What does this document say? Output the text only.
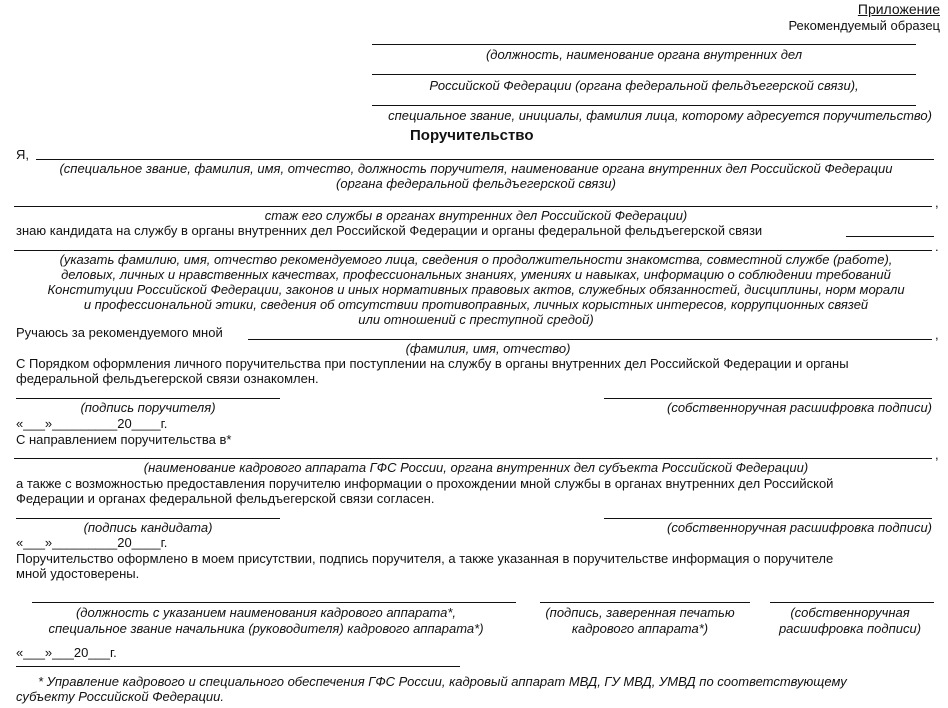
Приложение
Рекомендуемый образец
(должность, наименование органа внутренних дел
Российской Федерации (органа федеральной фельдъегерской связи),
специальное звание, инициалы, фамилия лица, которому адресуется поручительство)
Поручительство
Я,
(специальное звание, фамилия, имя, отчество, должность поручителя, наименование органа внутренних дел Российской Федерации
(органа федеральной фельдъегерской связи)
,
стаж его службы в органах внутренних дел Российской Федерации)
знаю кандидата на службу в органы внутренних дел Российской Федерации и органы федеральной фельдъегерской связи
.
(указать фамилию, имя, отчество рекомендуемого лица, сведения о продолжительности знакомства, совместной службе (работе),
деловых, личных и нравственных качествах, профессиональных знаниях, умениях и навыках, информацию о соблюдении требований
Конституции Российской Федерации, законов и иных нормативных правовых актов, служебных обязанностей, дисциплины, норм морали
и профессиональной этики, сведения об отсутствии противоправных, личных корыстных интересов, коррупционных связей
или отношений с преступной средой)
Ручаюсь за рекомендуемого мной	,
(фамилия, имя, отчество)
С Порядком оформления личного поручительства при поступлении на службу в органы внутренних дел Российской Федерации и органы
федеральной фельдъегерской связи ознакомлен.
(подпись поручителя)	(собственноручная расшифровка подписи)
«___»_________20____г.
С направлением поручительства в*
,
(наименование кадрового аппарата ГФС России, органа внутренних дел субъекта Российской Федерации)
а также с возможностью предоставления поручителю информации о прохождении мной службы в органах внутренних дел Российской
Федерации и органах федеральной фельдъегерской связи согласен.
(подпись кандидата)	(собственноручная расшифровка подписи)
«___»_________20____г.
Поручительство оформлено в моем присутствии, подпись поручителя, а также указанная в поручительстве информация о поручителе
мной удостоверены.
(должность с указанием наименования кадрового аппарата*,
специальное звание начальника (руководителя) кадрового аппарата*)
(подпись, заверенная печатью
кадрового аппарата*)
(собственноручная
расшифровка подписи)
«___»___20___г.
* Управление кадрового и специального обеспечения ГФС России, кадровый аппарат МВД, ГУ МВД, УМВД по соответствующему
субъекту Российской Федерации.
